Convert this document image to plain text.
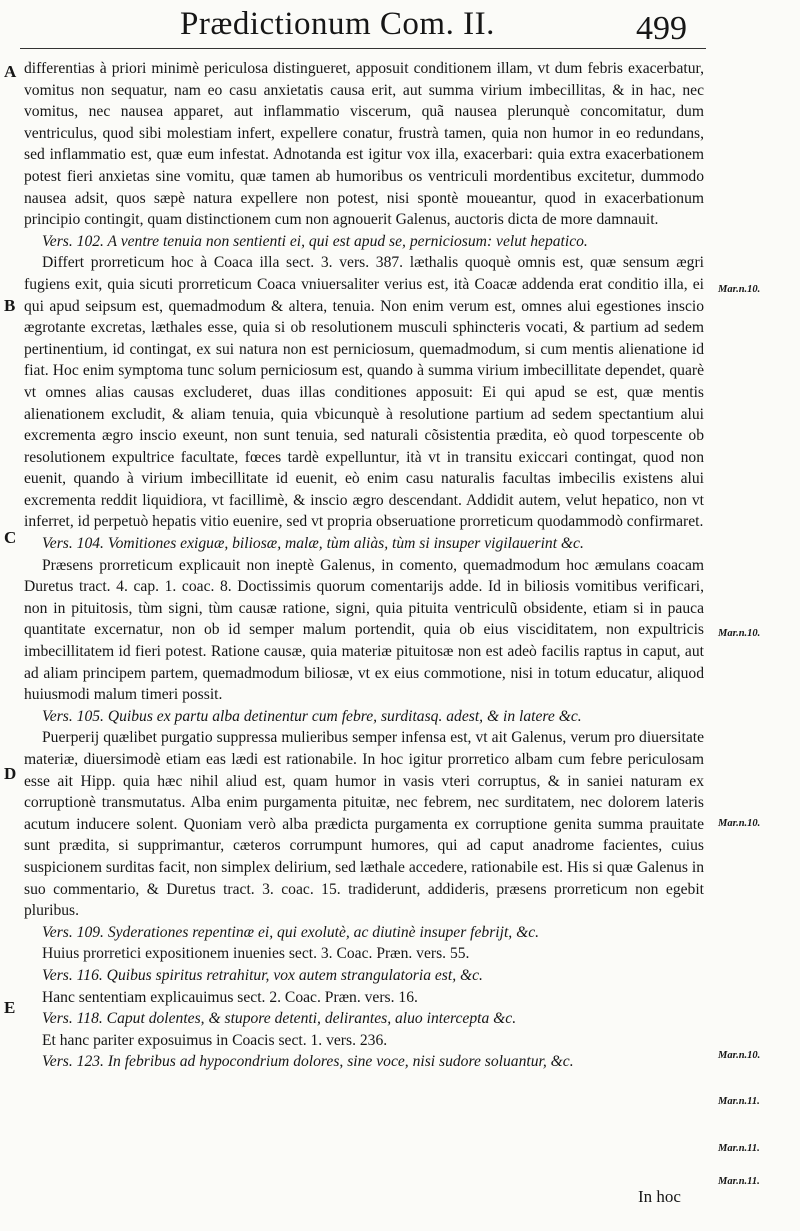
Prædictionum Com. II.	499
A
B
C
D
E
Mar.n.10.
Mar.n.10.
Mar.n.10.
Mar.n.10.
Mar.n.11.
Mar.n.11.
Mar.n.11.

differentias à priori minimè periculosa distingueret, apposuit conditionem illam, vt dum febris exacerbatur, vomitus non sequatur, nam eo casu anxietatis causa erit, aut summa virium imbecillitas, & in hac, nec vomitus, nec nausea apparet, aut inflammatio viscerum, quã nausea plerunquè concomitatur, dum ventriculus, quod sibi molestiam infert, expellere conatur, frustrà tamen, quia non humor in eo redundans, sed inflammatio est, quæ eum infestat. Adnotanda est igitur vox illa, exacerbari: quia extra exacerbationem potest fieri anxietas sine vomitu, quæ tamen ab humoribus os ventriculi mordentibus excitetur, dummodo nausea adsit, quos sæpè natura expellere non potest, nisi spontè moueantur, quod in exacerbationum principio contingit, quam distinctionem cum non agnouerit Galenus, auctoris dicta de more damnauit.

Vers. 102. A ventre tenuia non sentienti ei, qui est apud se, perniciosum: velut hepatico.

Differt prorreticum hoc à Coaca illa sect. 3. vers. 387. læthalis quoquè omnis est, quæ sensum ægri fugiens exit, quia sicuti prorreticum Coaca vniuersaliter verius est, ità Coacæ addenda erat conditio illa, ei qui apud seipsum est, quemadmodum & altera, tenuia. Non enim verum est, omnes alui egestiones inscio ægrotante excretas, læthales esse, quia si ob resolutionem musculi sphincteris vocati, & partium ad sedem pertinentium, id contingat, ex sui natura non est perniciosum, quemadmodum, si cum mentis alienatione id fiat. Hoc enim symptoma tunc solum perniciosum est, quando à summa virium imbecillitate dependet, quarè vt omnes alias causas excluderet, duas illas conditiones apposuit: Ei qui apud se est, quæ mentis alienationem excludit, & aliam tenuia, quia vbicunquè à resolutione partium ad sedem spectantium alui excrementa ægro inscio exeunt, non sunt tenuia, sed naturali cõsistentia prædita, eò quod torpescente ob resolutionem expultrice facultate, fœces tardè expelluntur, ità vt in transitu exiccari contingat, quod non euenit, quando à virium imbecillitate id euenit, eò enim casu naturalis facultas imbecilis existens alui excrementa reddit liquidiora, vt facillimè, & inscio ægro descendant. Addidit autem, velut hepatico, non vt inferret, id perpetuò hepatis vitio euenire, sed vt propria obseruatione prorreticum quodammodò confirmaret.

Vers. 104. Vomitiones exiguæ, biliosæ, malæ, tùm aliàs, tùm si insuper vigilauerint &c.

Præsens prorreticum explicauit non ineptè Galenus, in comento, quemadmodum hoc æmulans coacam Duretus tract. 4. cap. 1. coac. 8. Doctissimis quorum comentarijs adde. Id in biliosis vomitibus verificari, non in pituitosis, tùm signi, tùm causæ ratione, signi, quia pituita ventriculũ obsidente, etiam si in pauca quantitate excernatur, non ob id semper malum portendit, quia ob eius visciditatem, non expultricis imbecillitatem id fieri potest. Ratione causæ, quia materiæ pituitosæ non est adeò facilis raptus in caput, aut ad aliam principem partem, quemadmodum biliosæ, vt ex eius commotione, nisi in totum educatur, aliquod huiusmodi malum timeri possit.

Vers. 105. Quibus ex partu alba detinentur cum febre, surditasq. adest, & in latere &c.

Puerperij quælibet purgatio suppressa mulieribus semper infensa est, vt ait Galenus, verum pro diuersitate materiæ, diuersimodè etiam eas lædi est rationabile. In hoc igitur prorretico albam cum febre periculosam esse ait Hipp. quia hæc nihil aliud est, quam humor in vasis vteri corruptus, & in saniei naturam ex corruptionè transmutatus. Alba enim purgamenta pituitæ, nec febrem, nec surditatem, nec dolorem lateris acutum inducere solent. Quoniam verò alba prædicta purgamenta ex corruptione genita summa prauitate sunt prædita, si supprimantur, cæteros corrumpunt humores, qui ad caput anadrome facientes, cuius suspicionem surditas facit, non simplex delirium, sed læthale accedere, rationabile est. His si quæ Galenus in suo commentario, & Duretus tract. 3. coac. 15. tradiderunt, addideris, præsens prorreticum non egebit pluribus.

Vers. 109. Syderationes repentinæ ei, qui exolutè, ac diutinè insuper febrijt, &c.

Huius prorretici expositionem inuenies sect. 3. Coac. Præn. vers. 55.

Vers. 116. Quibus spiritus retrahitur, vox autem strangulatoria est, &c.

Hanc sententiam explicauimus sect. 2. Coac. Præn. vers. 16.

Vers. 118. Caput dolentes, & stupore detenti, delirantes, aluo intercepta &c.

Et hanc pariter exposuimus in Coacis sect. 1. vers. 236.

Vers. 123. In febribus ad hypocondrium dolores, sine voce, nisi sudore soluantur, &c.

In hoc
